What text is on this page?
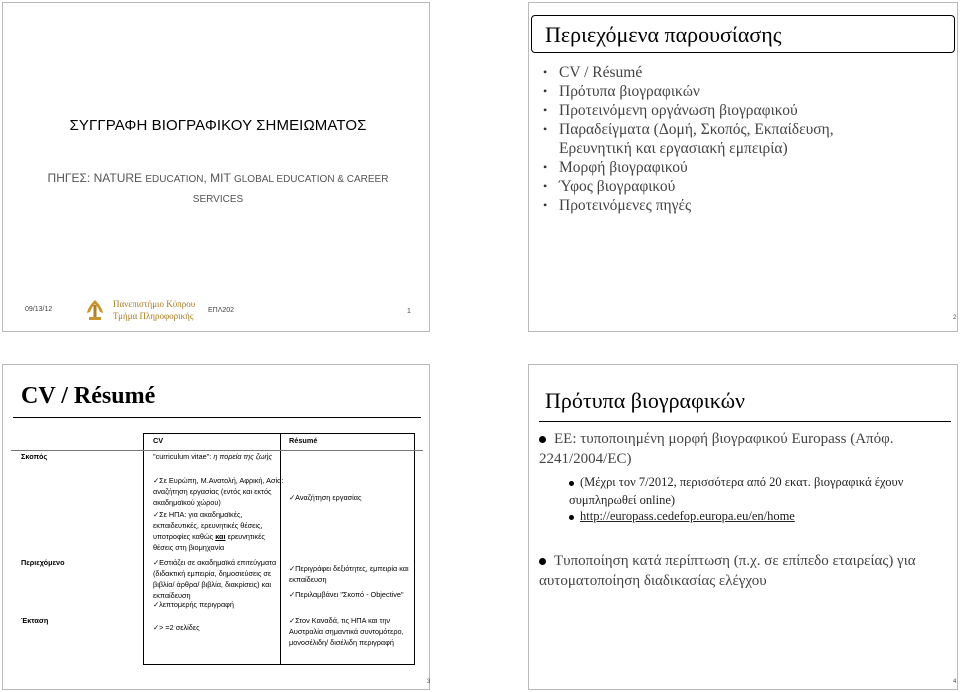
ΣΥΓΓΡΑΦΗ ΒΙΟΓΡΑΦΙΚΟΥ ΣΗΜΕΙΩΜΑΤΟΣ
ΠΗΓΕΣ: NATURE EDUCATION, MIT GLOBAL EDUCATION & CAREER
SERVICES
09/13/12
Πανεπιστήμιο Κύπρου
Τμήμα Πληροφορικής
ΕΠΛ202	1
Περιεχόμενα παρουσίασης
• CV / Résumé
• Πρότυπα βιογραφικών
• Προτεινόμενη οργάνωση βιογραφικού
• Παραδείγματα (Δομή, Σκοπός, Εκπαίδευση,
Ερευνητική και εργασιακή εμπειρία)
• Μορφή βιογραφικού
• Ύφος βιογραφικού
• Προτεινόμενες πηγές
2
CV / Résumé
CV	Résumé
Σκοπός
Περιεχόμενο
Έκταση
"curriculum vitae": η πορεία της ζωής
✓Σε Ευρώπη, Μ.Ανατολή, Αφρική, Ασία: αναζήτηση εργασίας (εντός και εκτός ακαδημαϊκού χώρου)
✓Σε ΗΠΑ: για ακαδημαϊκές, εκπαιδευτικές, ερευνητικές θέσεις, υποτροφίες καθώς και ερευνητικές θέσεις στη βιομηχανία
✓Αναζήτηση εργασίας
✓Εστιάζει σε ακαδημαϊκά επιτεύγματα (διδακτική εμπειρία, δημοσιεύσεις σε βιβλία/ άρθρα/ βιβλία, διακρίσεις) και εκπαίδευση
✓λεπτομερής περιγραφή
✓Περιγράφει δεξιότητες, εμπειρία και εκπαίδευση
✓Περιλαμβάνει "Σκοπό - Objective"
✓> =2 σελίδες
✓Στον Καναδά, τις ΗΠΑ και την Αυστραλία σημαντικά συντομότερο, μονοσέλιδη/ δισέλιδη περιγραφή
3
Πρότυπα βιογραφικών
ΕΕ: τυποποιημένη μορφή βιογραφικού Europass (Απόφ. 2241/2004/EC)
(Μέχρι τον 7/2012, περισσότερα από 20 εκατ. βιογραφικά έχουν συμπληρωθεί online)
http://europass.cedefop.europa.eu/en/home
Τυποποίηση κατά περίπτωση (π.χ. σε επίπεδο εταιρείας) για αυτοματοποίηση διαδικασίας ελέγχου
4
